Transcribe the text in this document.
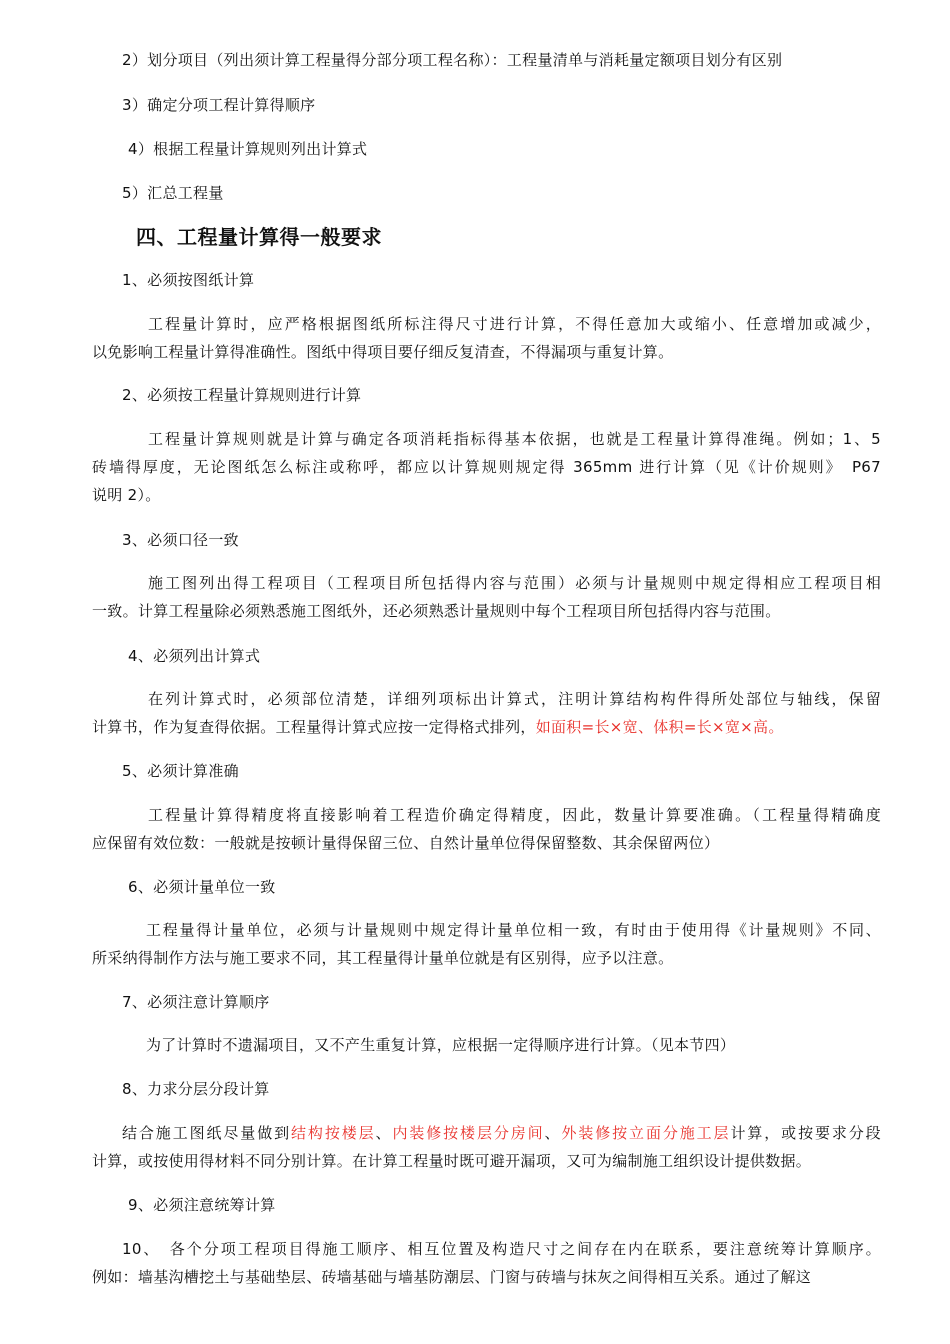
2）划分项目（列出须计算工程量得分部分项工程名称）：工程量清单与消耗量定额项目划分有区别
3）确定分项工程计算得顺序
4）根据工程量计算规则列出计算式
5）汇总工程量
四、工程量计算得一般要求
1、必须按图纸计算
工程量计算时，应严格根据图纸所标注得尺寸进行计算，不得任意加大或缩小、任意增加或减少，
以免影响工程量计算得准确性。图纸中得项目要仔细反复清查，不得漏项与重复计算。
2、必须按工程量计算规则进行计算
工程量计算规则就是计算与确定各项消耗指标得基本依据，也就是工程量计算得准绳。例如；1、5
砖墙得厚度，无论图纸怎么标注或称呼，都应以计算规则规定得 365mm 进行计算（见《计价规则》　P67
说明 2）。
3、必须口径一致
施工图列出得工程项目（工程项目所包括得内容与范围）必须与计量规则中规定得相应工程项目相
一致。计算工程量除必须熟悉施工图纸外，还必须熟悉计量规则中每个工程项目所包括得内容与范围。
4、必须列出计算式
在列计算式时，必须部位清楚，详细列项标出计算式，注明计算结构构件得所处部位与轴线，保留
计算书，作为复查得依据。工程量得计算式应按一定得格式排列，如面积=长×宽、体积=长×宽×高。
5、必须计算准确
工程量计算得精度将直接影响着工程造价确定得精度，因此，数量计算要准确。（工程量得精确度
应保留有效位数：一般就是按顿计量得保留三位、自然计量单位得保留整数、其余保留两位）
6、必须计量单位一致
工程量得计量单位，必须与计量规则中规定得计量单位相一致，有时由于使用得《计量规则》不同、
所采纳得制作方法与施工要求不同，其工程量得计量单位就是有区别得，应予以注意。
7、必须注意计算顺序
为了计算时不遗漏项目，又不产生重复计算，应根据一定得顺序进行计算。（见本节四）
8、力求分层分段计算
结合施工图纸尽量做到结构按楼层、内装修按楼层分房间、外装修按立面分施工层计算，或按要求分段
计算，或按使用得材料不同分别计算。在计算工程量时既可避开漏项，又可为编制施工组织设计提供数据。
9、必须注意统筹计算
10、　各个分项工程项目得施工顺序、相互位置及构造尺寸之间存在内在联系，要注意统筹计算顺序。
例如：墙基沟槽挖土与基础垫层、砖墙基础与墙基防潮层、门窗与砖墙与抹灰之间得相互关系。通过了解这
